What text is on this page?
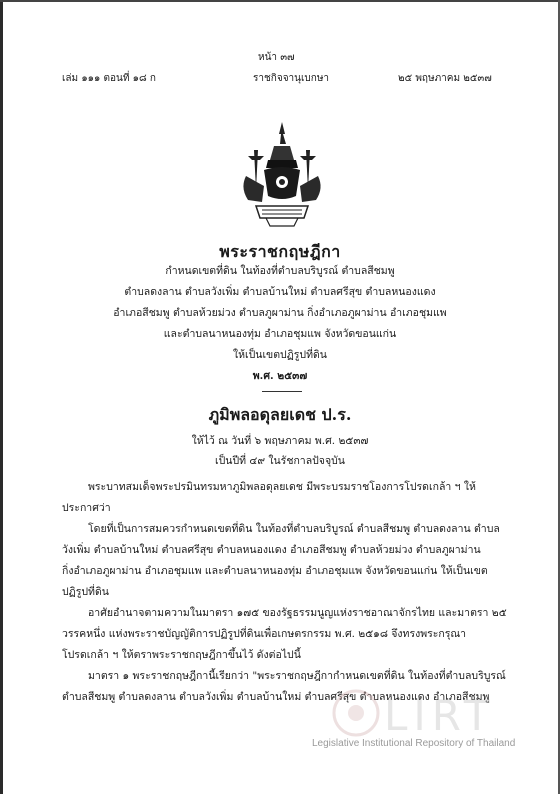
หน้า ๓๗
เล่ม ๑๑๑ ตอนที่ ๑๘ ก	ราชกิจจานุเบกษา	๒๕ พฤษภาคม ๒๕๓๗
พระราชกฤษฎีกา
กำหนดเขตที่ดิน ในท้องที่ตำบลบริบูรณ์ ตำบลสีชมพู
ตำบลดงลาน ตำบลวังเพิ่ม ตำบลบ้านใหม่ ตำบลศรีสุข ตำบลหนองแดง
อำเภอสีชมพู ตำบลห้วยม่วง ตำบลภูผาม่าน กิ่งอำเภอภูผาม่าน อำเภอชุมแพ
และตำบลนาหนองทุ่ม อำเภอชุมแพ จังหวัดขอนแก่น
ให้เป็นเขตปฏิรูปที่ดิน
พ.ศ. ๒๕๓๗
ภูมิพลอดุลยเดช ป.ร.
ให้ไว้ ณ วันที่ ๖ พฤษภาคม พ.ศ. ๒๕๓๗
เป็นปีที่ ๔๙ ในรัชกาลปัจจุบัน
พระบาทสมเด็จพระปรมินทรมหาภูมิพลอดุลยเดช มีพระบรมราชโองการโปรดเกล้า ฯ ให้
ประกาศว่า
โดยที่เป็นการสมควรกำหนดเขตที่ดิน ในท้องที่ตำบลบริบูรณ์ ตำบลสีชมพู ตำบลดงลาน ตำบล
วังเพิ่ม ตำบลบ้านใหม่ ตำบลศรีสุข ตำบลหนองแดง อำเภอสีชมพู ตำบลห้วยม่วง ตำบลภูผาม่าน
กิ่งอำเภอภูผาม่าน อำเภอชุมแพ และตำบลนาหนองทุ่ม อำเภอชุมแพ จังหวัดขอนแก่น ให้เป็นเขต
ปฏิรูปที่ดิน
อาศัยอำนาจตามความในมาตรา ๑๗๕ ของรัฐธรรมนูญแห่งราชอาณาจักรไทย และมาตรา ๒๕
วรรคหนึ่ง แห่งพระราชบัญญัติการปฏิรูปที่ดินเพื่อเกษตรกรรม พ.ศ. ๒๕๑๘ จึงทรงพระกรุณา
โปรดเกล้า ฯ ให้ตราพระราชกฤษฎีกาขึ้นไว้ ดังต่อไปนี้
มาตรา ๑ พระราชกฤษฎีกานี้เรียกว่า "พระราชกฤษฎีกากำหนดเขตที่ดิน ในท้องที่ตำบลบริบูรณ์
ตำบลสีชมพู ตำบลดงลาน ตำบลวังเพิ่ม ตำบลบ้านใหม่ ตำบลศรีสุข ตำบลหนองแดง อำเภอสีชมพู
LIRT
Legislative Institutional Repository of Thailand
